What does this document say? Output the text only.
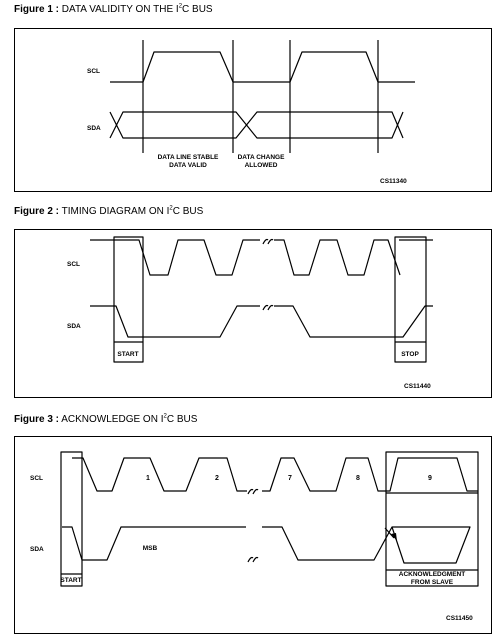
Figure 1 : DATA VALIDITY ON THE $I^2C$ BUS
Figure 2 : TIMING DIAGRAM ON $I^2C$ BUS
Figure 3 : ACKNOWLEDGE ON $I^2C$ BUS
SCL
SDA
DATA LINE STABLE
DATA VALID
DATA CHANGE
ALLOWED
CS11340
SCL
SDA
START	STOP
CS11440
SCL
SDA
1	2	7	8	9
MSB
START
ACKNOWLEDGMENT
FROM SLAVE
CS11450
